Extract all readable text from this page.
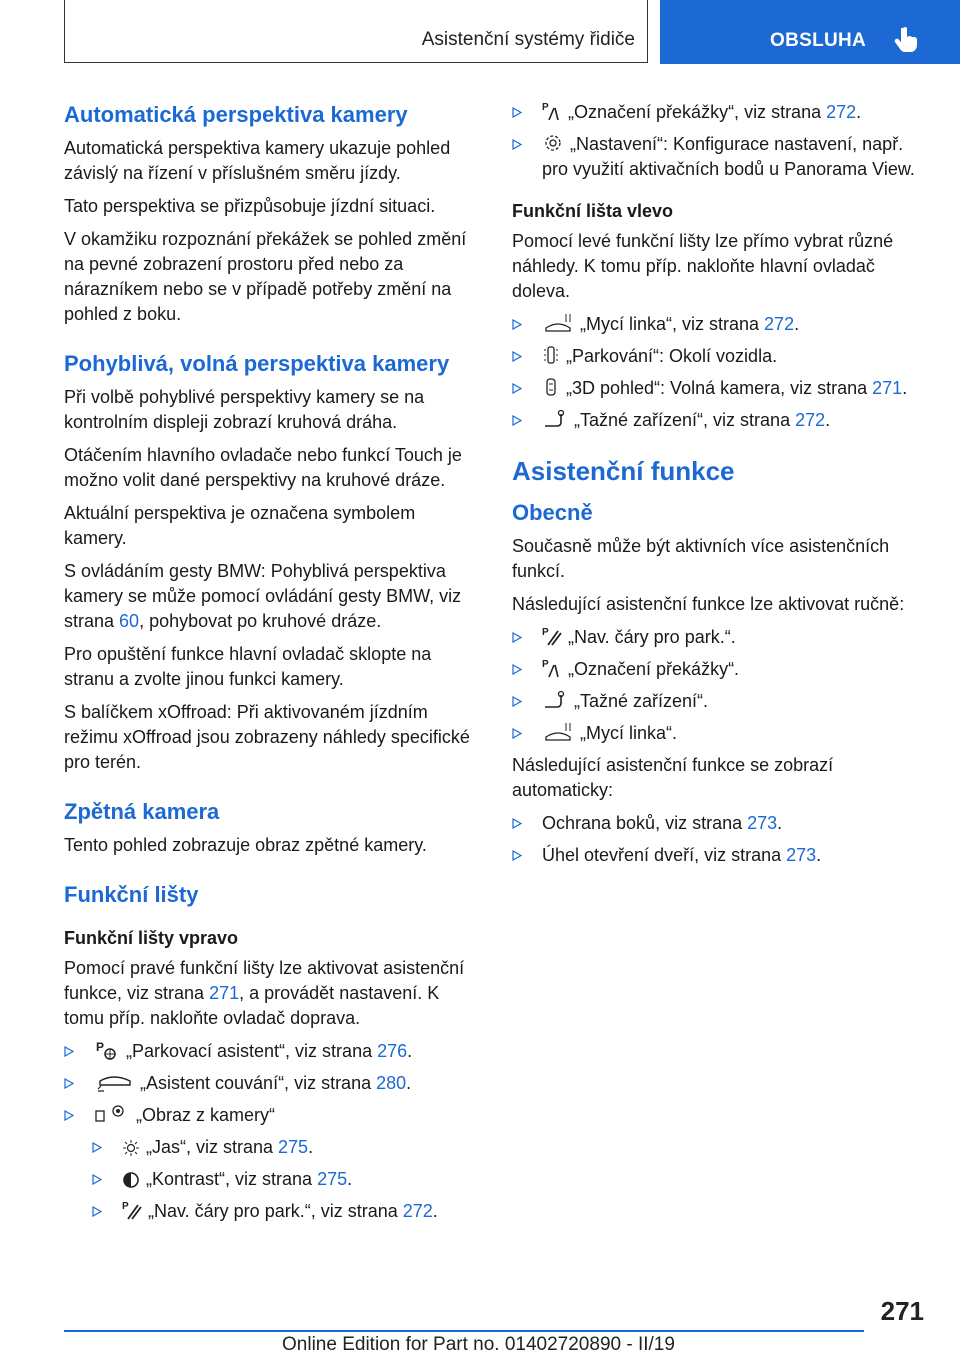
Asistenční systémy řidiče	OBSLUHA
Automatická perspektiva kamery

Automatická perspektiva kamery ukazuje pohled závislý na řízení v příslušném směru jízdy.

Tato perspektiva se přizpůsobuje jízdní situaci.

V okamžiku rozpoznání překážek se pohled změní na pevné zobrazení prostoru před nebo za nárazníkem nebo se v případě potřeby změní na pohled z boku.

Pohyblivá, volná perspektiva kamery

Při volbě pohyblivé perspektivy kamery se na kontrolním displeji zobrazí kruhová dráha.

Otáčením hlavního ovladače nebo funkcí Touch je možno volit dané perspektivy na kruhové dráze.

Aktuální perspektiva je označena symbolem kamery.

S ovládáním gesty BMW: Pohyblivá perspektiva kamery se může pomocí ovládání gesty BMW, viz strana 60, pohybovat po kruhové dráze.

Pro opuštění funkce hlavní ovladač sklopte na stranu a zvolte jinou funkci kamery.

S balíčkem xOffroad: Při aktivovaném jízdním režimu xOffroad jsou zobrazeny náhledy specifické pro terén.

Zpětná kamera

Tento pohled zobrazuje obraz zpětné kamery.

Funkční lišty
Funkční lišty vpravo

Pomocí pravé funkční lišty lze aktivovat asistenční funkce, viz strana 271, a provádět nastavení. K tomu příp. nakloňte ovladač doprava.

P „Parkovací asistent“, viz strana 276.
„Asistent couvání“, viz strana 280.
„Obraz z kamery“
„Jas“, viz strana 275.
„Kontrast“, viz strana 275.
P „Nav. čáry pro park.“, viz strana 272.
P „Označení překážky“, viz strana 272.
„Nastavení“: Konfigurace nastavení, např. pro využití aktivačních bodů u Panorama View.
Funkční lišta vlevo

Pomocí levé funkční lišty lze přímo vybrat různé náhledy. K tomu příp. nakloňte hlavní ovladač doleva.

„Mycí linka“, viz strana 272.
„Parkování“: Okolí vozidla.
„3D pohled“: Volná kamera, viz strana 271.
„Tažné zařízení“, viz strana 272.
Asistenční funkce
Obecně

Současně může být aktivních více asistenčních funkcí.

Následující asistenční funkce lze aktivovat ručně:

P „Nav. čáry pro park.“.
P „Označení překážky“.
„Tažné zařízení“.
„Mycí linka“.

Následující asistenční funkce se zobrazí automaticky:

Ochrana boků, viz strana 273.
Úhel otevření dveří, viz strana 273.
271
Online Edition for Part no. 01402720890 - II/19
